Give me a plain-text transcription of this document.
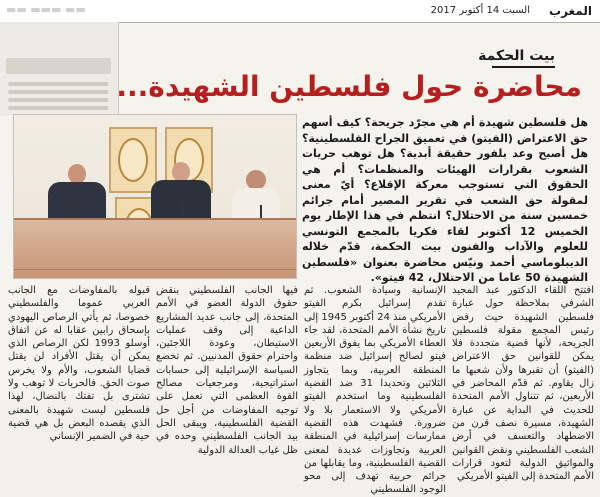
▬▬ ▬▬▬ ▬▬	السبت 14 أكتوبر 2017 المغرب
بيت الحكمة
محاضرة حول فلسطين الشهيدة...
هل فلسطين شهيدة أم هي مجرّد جريحة؟ كيف أسهم حق الاعتراض (الفيتو) في تعميق الجراح الفلسطينية؟ هل أصبح وعد بلفور حقيقة أبدية؟ هل توهب حريات الشعوب بقرارات الهيئات والمنظمات؟ أم هي الحقوق التي تستوجب معركة الإقلاع؟ أيّ معنى لمقولة حق الشعب في تقرير المصير أمام جرائم خمسين سنة من الاحتلال؟ انتظم في هذا الإطار يوم الخميس 12 أكتوبر لقاء فكريا بالمجمع التونسي للعلوم والآداب والفنون بيت الحكمة، قدّم خلاله الديبلوماسي أحمد ونيّس محاضرة بعنوان «فلسطين الشهيدة 50 عاما من الاحتلال، 42 فيتو».
افتتح اللقاء الدكتور عبد المجيد الشرفي بملاحظة حول عبارة فلسطين الشهيدة حيث رفض رئيس المجمع مقولة فلسطين الجريحة، لأنها قضية متجددة فلا يمكن للقوانين حق الاعتراض (الفيتو) أن تقبرها ولأن شعبها ما زال يقاوم. ثم قدّم المحاضر في الأربعين، ثم تتناول الأمم المتحدة للحديث في البداية عن عبارة الشهيدة، مسيرة نصف قرن من الاضطهاد والتعسف في أرض الشعب الفلسطيني ونقض القوانين والمواثيق الدولية لتعود قرارات الأمم المتحدة إلى الفيتو الأمريكي
الإنسانية وسيادة الشعوب. ثم تقدم إسرائيل بكرم الفيتو الأمريكي منذ 24 أكتوبر 1945 إلى تاريخ نشأة الأمم المتحدة، لقد جاء العطاء الأمريكي بما يفوق الأربعين فيتو لصالح إسرائيل ضد منظمة المنطقة العربية، وبما يتجاوز الثلاثين وتحديدا 31 ضد القضية الفلسطينية وما استخدم الفيتو الأمريكي ولا الاستعمار بلا ولا ضرورة. فشهدت هذه القضية ممارسات إسرائيلية في المنطقة العربية وتجاوزات عديدة لمعنى القضية الفلسطينية، وما يقابلها من جرائم حربية تهدف إلى محو الوجود الفلسطيني
فيها الجانب الفلسطيني بنقض حقوق الدولة العضو في الأمم المتحدة، إلى جانب عديد المشاريع الداعية إلى وقف عمليات الاستيطان، وعودة اللاجئين، واحترام حقوق المدنيين. ثم تخضع السياسة الإسرائيلية إلى حسابات استراتيجية، ومرجعيات مصالح القوة العظمى التي تعمل على توجيه المفاوضات من أجل حل القضية الفلسطينية، ويبقى الحل بيد الجانب الفلسطيني وحده في ظل غياب العدالة الدولية
قبوله بالمفاوضات مع الجانب العربي عموما والفلسطيني خصوصا، ثم يأتي الرصاص اليهودي بإسحاق رابين عقابا له عن اتفاق أوسلو 1993 لكن الرصاص الذي يمكن أن يقتل الأفراد لن يقتل قضايا الشعوب، والأم ولا يخرس صوت الحق. فالحريات لا توهب ولا تشترى بل تفتك بالنضال، لهذا فلسطين ليست شهيدة بالمعنى الذي يقصده البعض بل هي قضية حية في الضمير الإنساني
